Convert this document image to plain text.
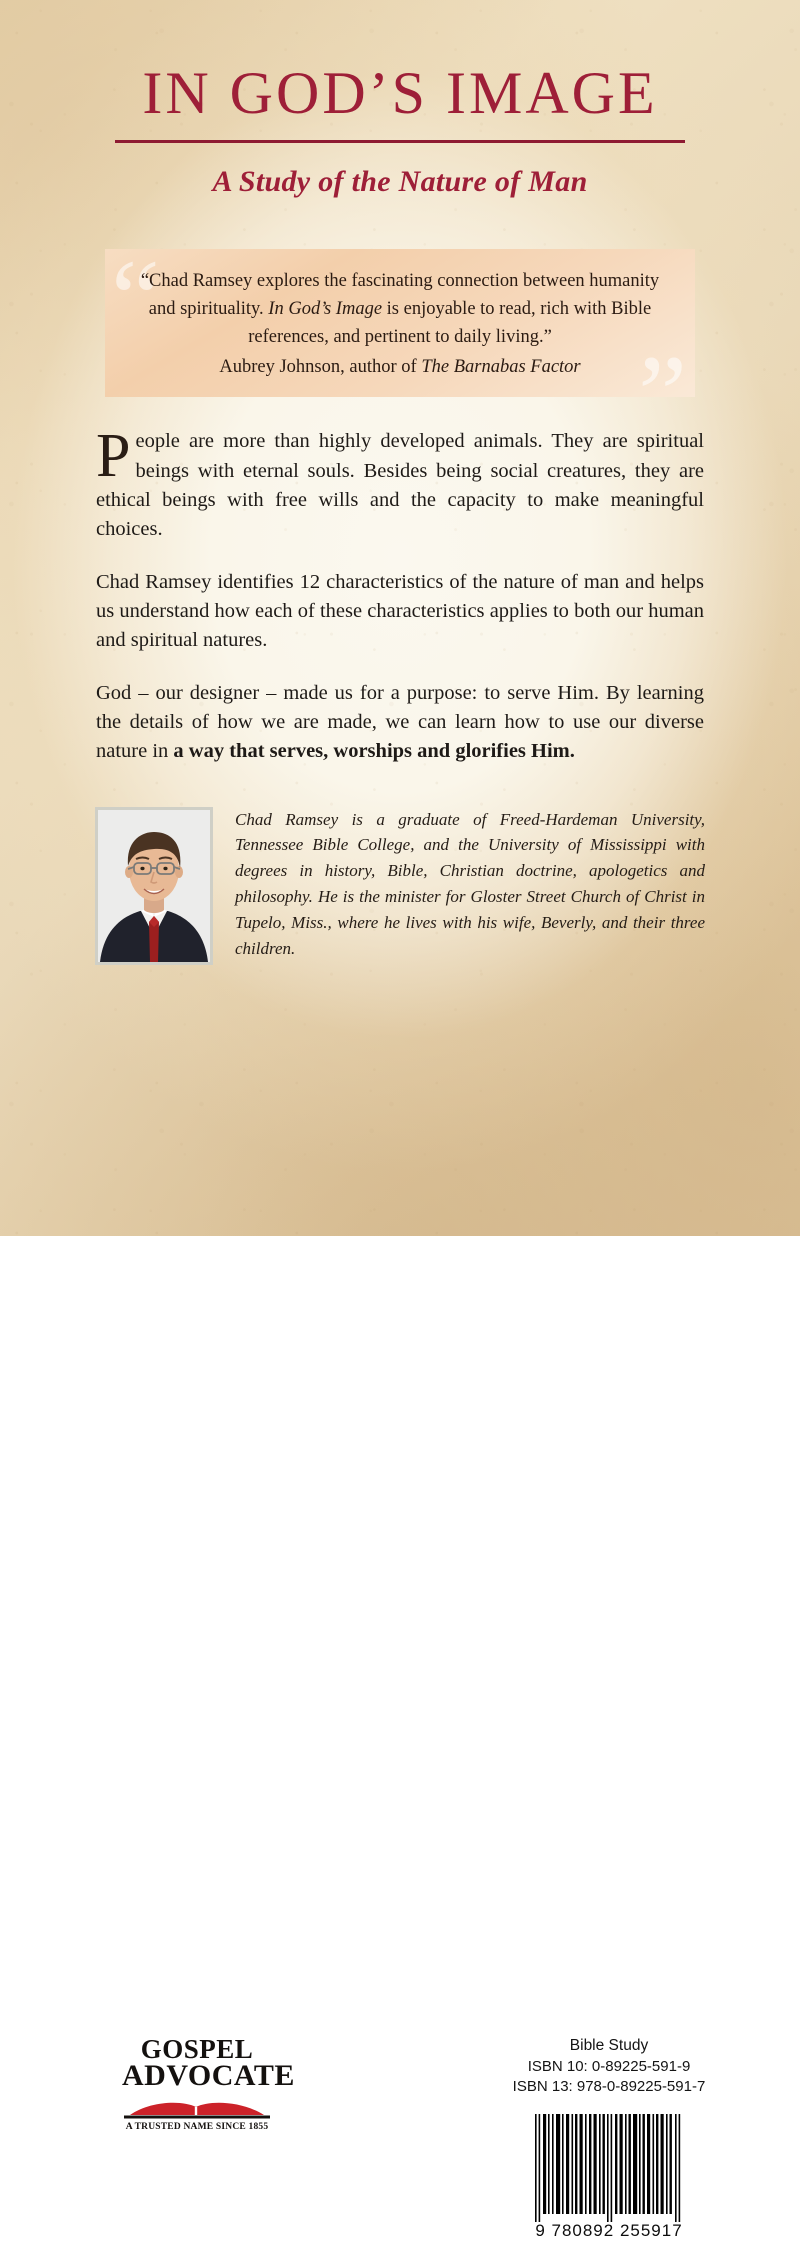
IN GOD’S IMAGE
A Study of the Nature of Man
“
”

“Chad Ramsey explores the fascinating connection between humanity and spirituality. In God’s Image is enjoyable to read, rich with Bible references, and pertinent to daily living.”

Aubrey Johnson, author of The Barnabas Factor

People are more than highly developed animals. They are spiritual beings with eternal souls. Besides being social creatures, they are ethical beings with free wills and the capacity to make meaningful choices.

Chad Ramsey identifies 12 characteristics of the nature of man and helps us understand how each of these characteristics applies to both our human and spiritual natures.

God – our designer – made us for a purpose: to serve Him. By learning the details of how we are made, we can learn how to use our diverse nature in a way that serves, worships and glorifies Him.

Chad Ramsey is a graduate of Freed-Hardeman University, Tennessee Bible College, and the University of Mississippi with degrees in history, Bible, Christian doctrine, apologetics and philosophy. He is the minister for Gloster Street Church of Christ in Tupelo, Miss., where he lives with his wife, Beverly, and their three children.

GOSPEL
ADVOCATE
A TRUSTED NAME SINCE 1855
Bible Study
ISBN 10: 0-89225-591-9
ISBN 13: 978-0-89225-591-7
9 780892 255917
